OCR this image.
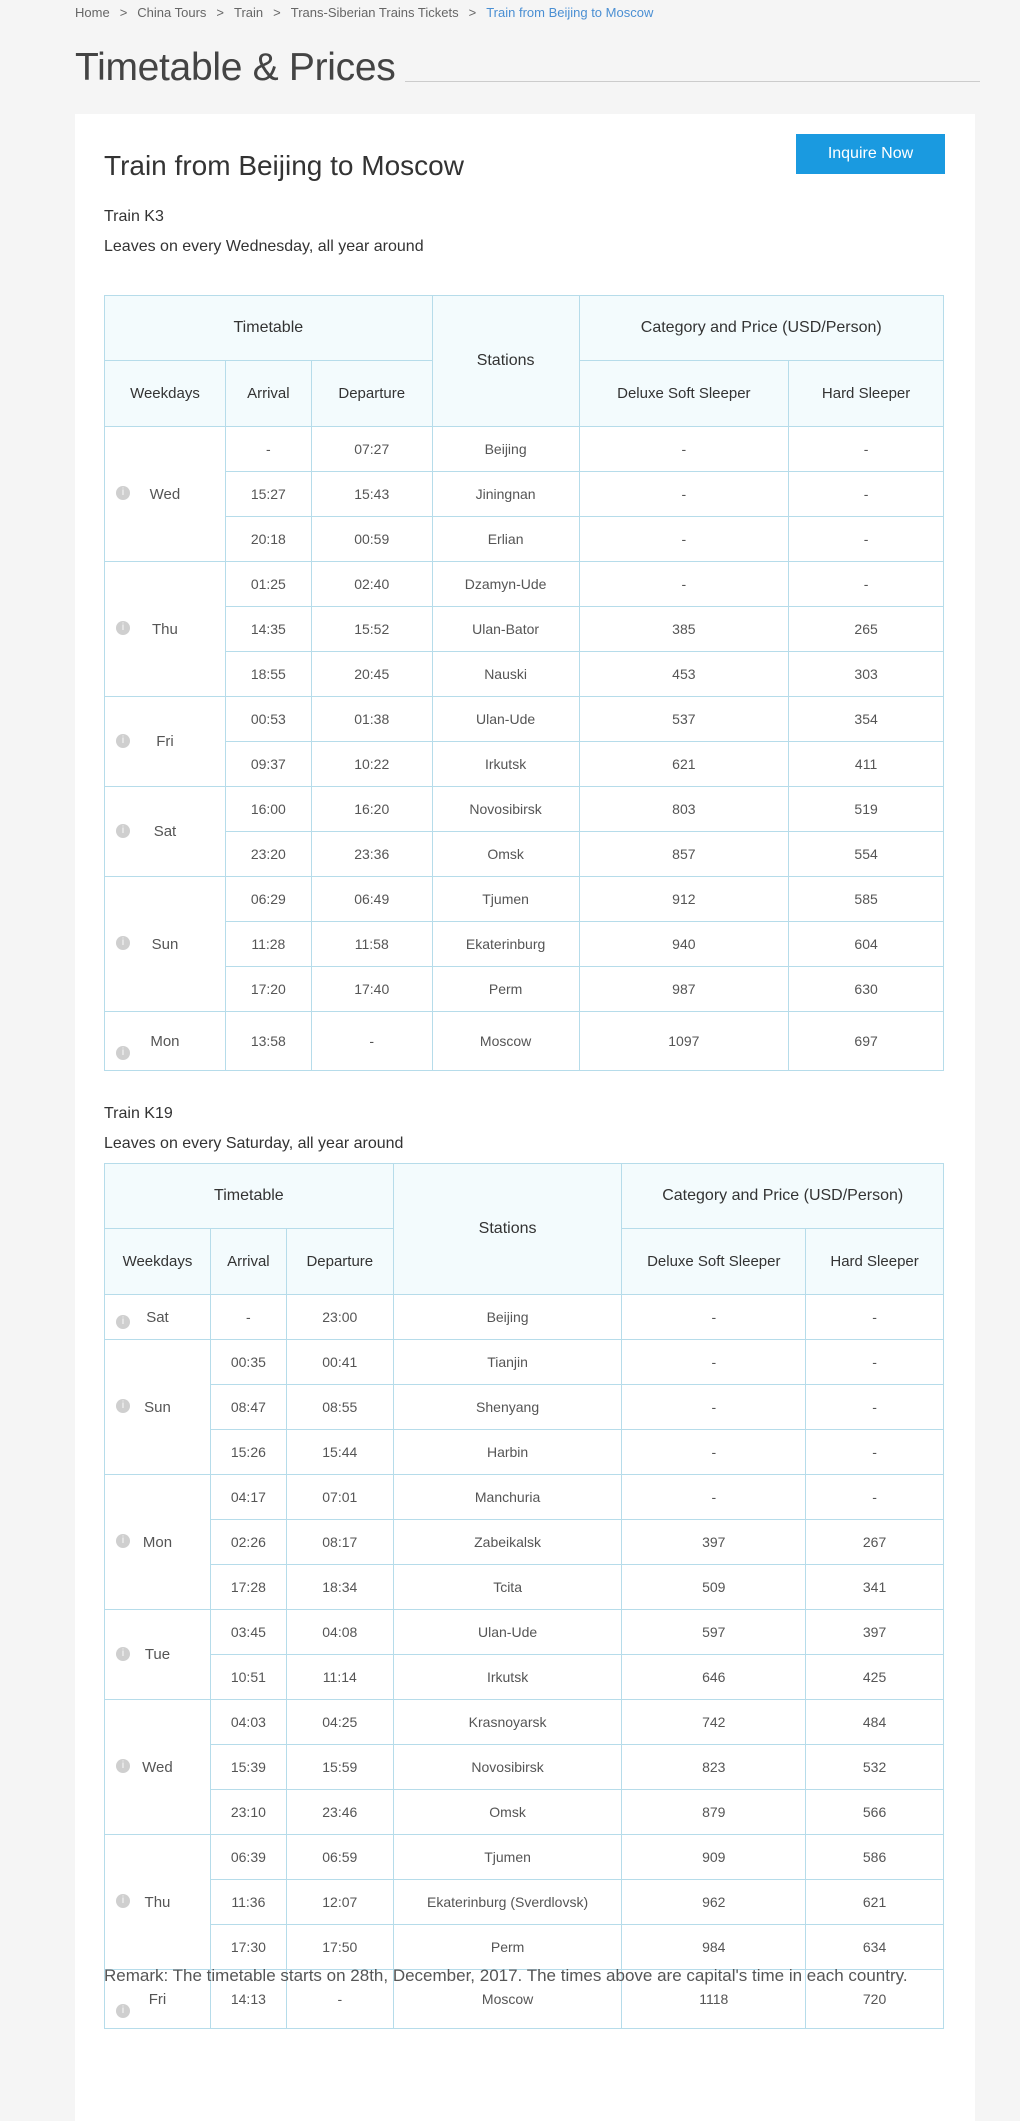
Home > China Tours > Train > Trans-Siberian Trains Tickets > Train from Beijing to Moscow
Timetable & Prices
Inquire Now
Train from Beijing to Moscow
Train K3
Leaves on every Wednesday, all year around
Timetable			Stations	Category and Price (USD/Person)	
Weekdays	Arrival	Departure		Deluxe Soft Sleeper	Hard Sleeper

i Wed	-	07:27	Beijing	-	-
	15:27	15:43	Jiningnan	-	-
	20:18	00:59	Erlian	-	-

i Thu	01:25	02:40	Dzamyn-Ude	-	-
	14:35	15:52	Ulan-Bator	385	265
	18:55	20:45	Nauski	453	303

i Fri	00:53	01:38	Ulan-Ude	537	354
	09:37	10:22	Irkutsk	621	411

i Sat	16:00	16:20	Novosibirsk	803	519
	23:20	23:36	Omsk	857	554

i Sun	06:29	06:49	Tjumen	912	585
	11:28	11:58	Ekaterinburg	940	604
	17:20	17:40	Perm	987	630

i
Mon	13:58	-	Moscow	1097	697
Train K19
Leaves on every Saturday, all year around
Timetable			Stations	Category and Price (USD/Person)	
Weekdays	Arrival	Departure		Deluxe Soft Sleeper	Hard Sleeper

i Sat	-	23:00	Beijing	-	-

i Sun	00:35	00:41	Tianjin	-	-
	08:47	08:55	Shenyang	-	-
	15:26	15:44	Harbin	-	-

i Mon	04:17	07:01	Manchuria	-	-
	02:26	08:17	Zabeikalsk	397	267
	17:28	18:34	Tcita	509	341

i Tue	03:45	04:08	Ulan-Ude	597	397
	10:51	11:14	Irkutsk	646	425

i Wed	04:03	04:25	Krasnoyarsk	742	484
	15:39	15:59	Novosibirsk	823	532
	23:10	23:46	Omsk	879	566

i Thu	06:39	06:59	Tjumen	909	586
	11:36	12:07	Ekaterinburg (Sverdlovsk)	962	621
	17:30	17:50	Perm	984	634

i
Fri	14:13	-	Moscow	1118	720
Remark: The timetable starts on 28th, December, 2017. The times above are capital's time in each country.
